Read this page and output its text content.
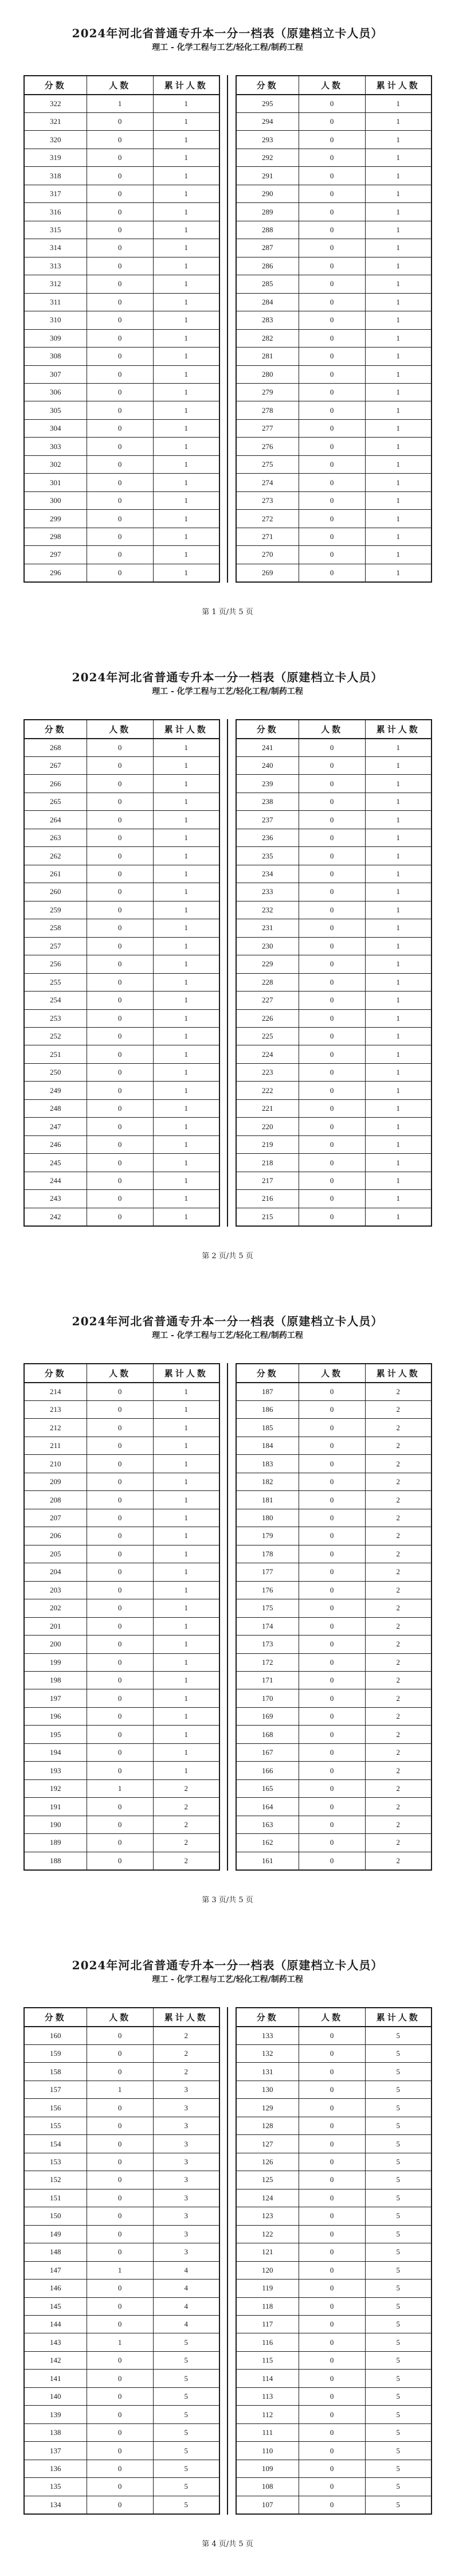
2024年河北省普通专升本一分一档表（原建档立卡人员）
理工 - 化学工程与工艺/轻化工程/制药工程
分数	人数	累计人数
322	1	1
321	0	1
320	0	1
319	0	1
318	0	1
317	0	1
316	0	1
315	0	1
314	0	1
313	0	1
312	0	1
311	0	1
310	0	1
309	0	1
308	0	1
307	0	1
306	0	1
305	0	1
304	0	1
303	0	1
302	0	1
301	0	1
300	0	1
299	0	1
298	0	1
297	0	1
296	0	1
分数	人数	累计人数
295	0	1
294	0	1
293	0	1
292	0	1
291	0	1
290	0	1
289	0	1
288	0	1
287	0	1
286	0	1
285	0	1
284	0	1
283	0	1
282	0	1
281	0	1
280	0	1
279	0	1
278	0	1
277	0	1
276	0	1
275	0	1
274	0	1
273	0	1
272	0	1
271	0	1
270	0	1
269	0	1
第 1 页/共 5 页
2024年河北省普通专升本一分一档表（原建档立卡人员）
理工 - 化学工程与工艺/轻化工程/制药工程
分数	人数	累计人数
268	0	1
267	0	1
266	0	1
265	0	1
264	0	1
263	0	1
262	0	1
261	0	1
260	0	1
259	0	1
258	0	1
257	0	1
256	0	1
255	0	1
254	0	1
253	0	1
252	0	1
251	0	1
250	0	1
249	0	1
248	0	1
247	0	1
246	0	1
245	0	1
244	0	1
243	0	1
242	0	1
分数	人数	累计人数
241	0	1
240	0	1
239	0	1
238	0	1
237	0	1
236	0	1
235	0	1
234	0	1
233	0	1
232	0	1
231	0	1
230	0	1
229	0	1
228	0	1
227	0	1
226	0	1
225	0	1
224	0	1
223	0	1
222	0	1
221	0	1
220	0	1
219	0	1
218	0	1
217	0	1
216	0	1
215	0	1
第 2 页/共 5 页
2024年河北省普通专升本一分一档表（原建档立卡人员）
理工 - 化学工程与工艺/轻化工程/制药工程
分数	人数	累计人数
214	0	1
213	0	1
212	0	1
211	0	1
210	0	1
209	0	1
208	0	1
207	0	1
206	0	1
205	0	1
204	0	1
203	0	1
202	0	1
201	0	1
200	0	1
199	0	1
198	0	1
197	0	1
196	0	1
195	0	1
194	0	1
193	0	1
192	1	2
191	0	2
190	0	2
189	0	2
188	0	2
分数	人数	累计人数
187	0	2
186	0	2
185	0	2
184	0	2
183	0	2
182	0	2
181	0	2
180	0	2
179	0	2
178	0	2
177	0	2
176	0	2
175	0	2
174	0	2
173	0	2
172	0	2
171	0	2
170	0	2
169	0	2
168	0	2
167	0	2
166	0	2
165	0	2
164	0	2
163	0	2
162	0	2
161	0	2
第 3 页/共 5 页
2024年河北省普通专升本一分一档表（原建档立卡人员）
理工 - 化学工程与工艺/轻化工程/制药工程
分数	人数	累计人数
160	0	2
159	0	2
158	0	2
157	1	3
156	0	3
155	0	3
154	0	3
153	0	3
152	0	3
151	0	3
150	0	3
149	0	3
148	0	3
147	1	4
146	0	4
145	0	4
144	0	4
143	1	5
142	0	5
141	0	5
140	0	5
139	0	5
138	0	5
137	0	5
136	0	5
135	0	5
134	0	5
分数	人数	累计人数
133	0	5
132	0	5
131	0	5
130	0	5
129	0	5
128	0	5
127	0	5
126	0	5
125	0	5
124	0	5
123	0	5
122	0	5
121	0	5
120	0	5
119	0	5
118	0	5
117	0	5
116	0	5
115	0	5
114	0	5
113	0	5
112	0	5
111	0	5
110	0	5
109	0	5
108	0	5
107	0	5
第 4 页/共 5 页
